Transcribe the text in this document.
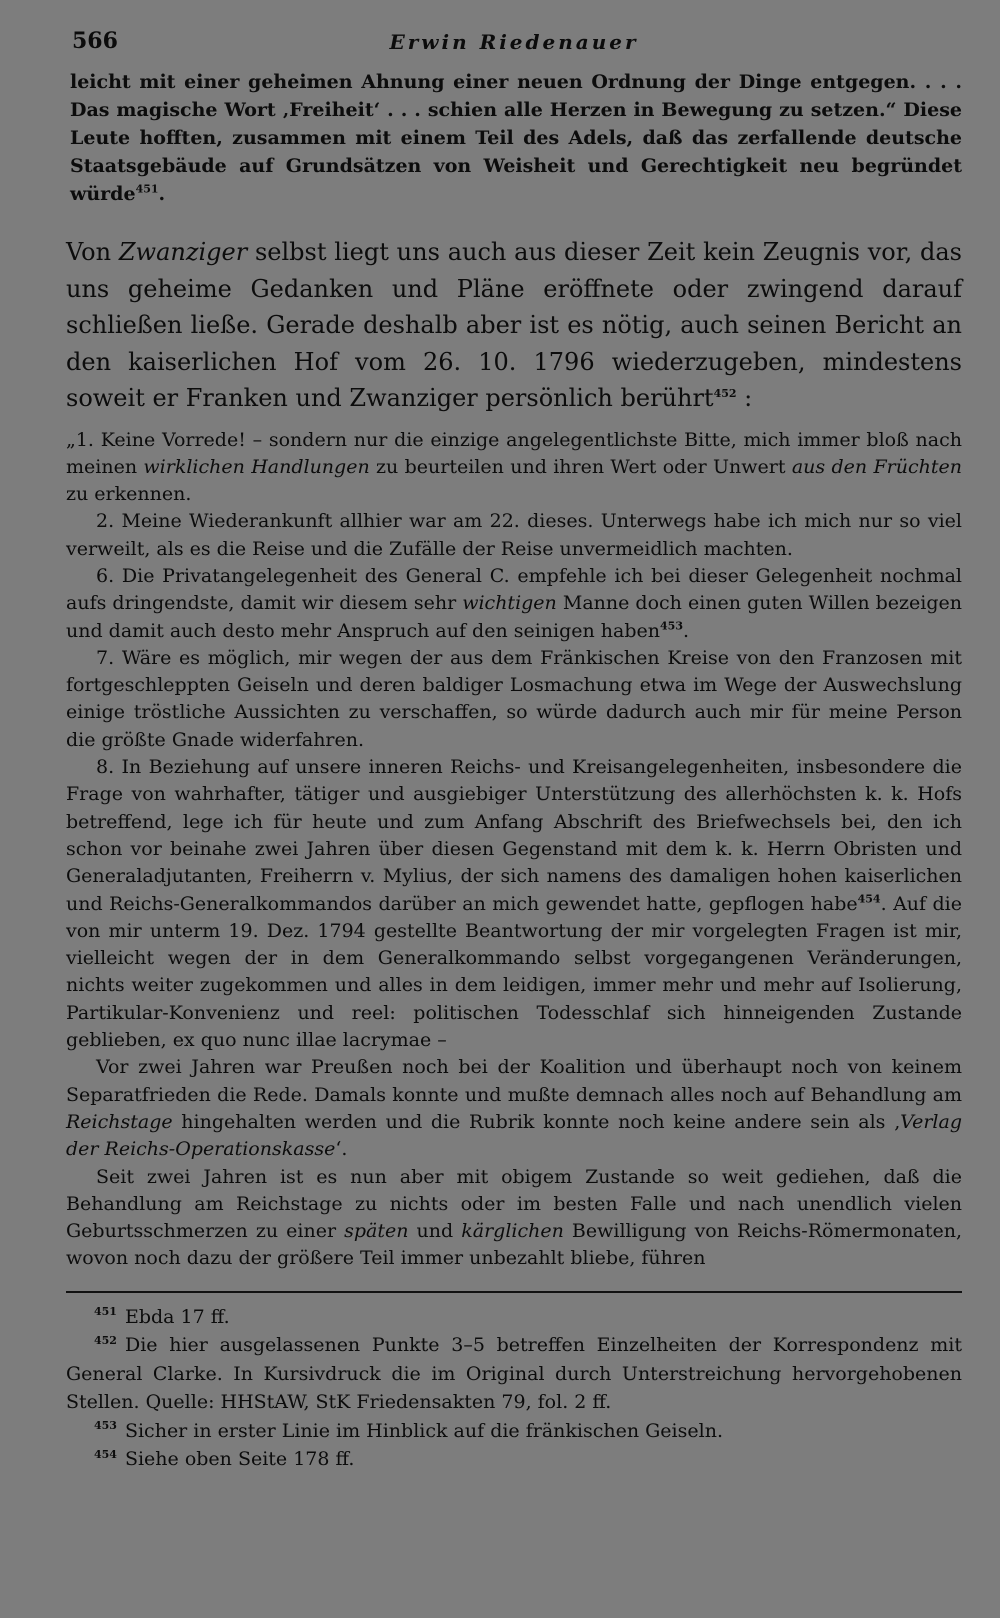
566	Erwin Riedenauer

leicht mit einer geheimen Ahnung einer neuen Ordnung der Dinge entgegen. . . . Das magische Wort ‚Freiheit‘ . . . schien alle Herzen in Bewegung zu setzen.“ Diese Leute hofften, zusammen mit einem Teil des Adels, daß das zerfallende deutsche Staatsgebäude auf Grundsätzen von Weisheit und Gerechtigkeit neu begründet würde$^{451}$.

Von Zwanziger selbst liegt uns auch aus dieser Zeit kein Zeugnis vor, das uns geheime Gedanken und Pläne eröffnete oder zwingend darauf schließen ließe. Gerade deshalb aber ist es nötig, auch seinen Bericht an den kaiserlichen Hof vom 26. 10. 1796 wiederzugeben, mindestens soweit er Franken und Zwanziger persönlich berührt$^{452}$ :

„1. Keine Vorrede! – sondern nur die einzige angelegentlichste Bitte, mich immer bloß nach meinen wirklichen Handlungen zu beurteilen und ihren Wert oder Unwert aus den Früchten zu erkennen.

2. Meine Wiederankunft allhier war am 22. dieses. Unterwegs habe ich mich nur so viel verweilt, als es die Reise und die Zufälle der Reise unvermeidlich machten.

6. Die Privatangelegenheit des General C. empfehle ich bei dieser Gelegenheit nochmal aufs dringendste, damit wir diesem sehr wichtigen Manne doch einen guten Willen bezeigen und damit auch desto mehr Anspruch auf den seinigen haben$^{453}$.

7. Wäre es möglich, mir wegen der aus dem Fränkischen Kreise von den Franzosen mit fortgeschleppten Geiseln und deren baldiger Losmachung etwa im Wege der Auswechslung einige tröstliche Aussichten zu verschaffen, so würde dadurch auch mir für meine Person die größte Gnade widerfahren.

8. In Beziehung auf unsere inneren Reichs- und Kreisangelegenheiten, insbesondere die Frage von wahrhafter, tätiger und ausgiebiger Unterstützung des allerhöchsten k. k. Hofs betreffend, lege ich für heute und zum Anfang Abschrift des Briefwechsels bei, den ich schon vor beinahe zwei Jahren über diesen Gegenstand mit dem k. k. Herrn Obristen und Generaladjutanten, Freiherrn v. Mylius, der sich namens des damaligen hohen kaiserlichen und Reichs-Generalkommandos darüber an mich gewendet hatte, gepflogen habe$^{454}$. Auf die von mir unterm 19. Dez. 1794 gestellte Beantwortung der mir vorgelegten Fragen ist mir, vielleicht wegen der in dem Generalkommando selbst vorgegangenen Veränderungen, nichts weiter zugekommen und alles in dem leidigen, immer mehr und mehr auf Isolierung, Partikular-Konvenienz und reel: politischen Todesschlaf sich hinneigenden Zustande geblieben, ex quo nunc illae lacrymae –

Vor zwei Jahren war Preußen noch bei der Koalition und überhaupt noch von keinem Separatfrieden die Rede. Damals konnte und mußte demnach alles noch auf Behandlung am Reichstage hingehalten werden und die Rubrik konnte noch keine andere sein als ‚Verlag der Reichs-Operationskasse‘.

Seit zwei Jahren ist es nun aber mit obigem Zustande so weit gediehen, daß die Behandlung am Reichstage zu nichts oder im besten Falle und nach unendlich vielen Geburtsschmerzen zu einer späten und kärglichen Bewilligung von Reichs-Römermonaten, wovon noch dazu der größere Teil immer unbezahlt bliebe, führen

$^{451}$ Ebda 17 ff.

$^{452}$ Die hier ausgelassenen Punkte 3–5 betreffen Einzelheiten der Korrespondenz mit General Clarke. In Kursivdruck die im Original durch Unterstreichung hervorgehobenen Stellen. Quelle: HHStAW, StK Friedensakten 79, fol. 2 ff.

$^{453}$ Sicher in erster Linie im Hinblick auf die fränkischen Geiseln.

$^{454}$ Siehe oben Seite 178 ff.
